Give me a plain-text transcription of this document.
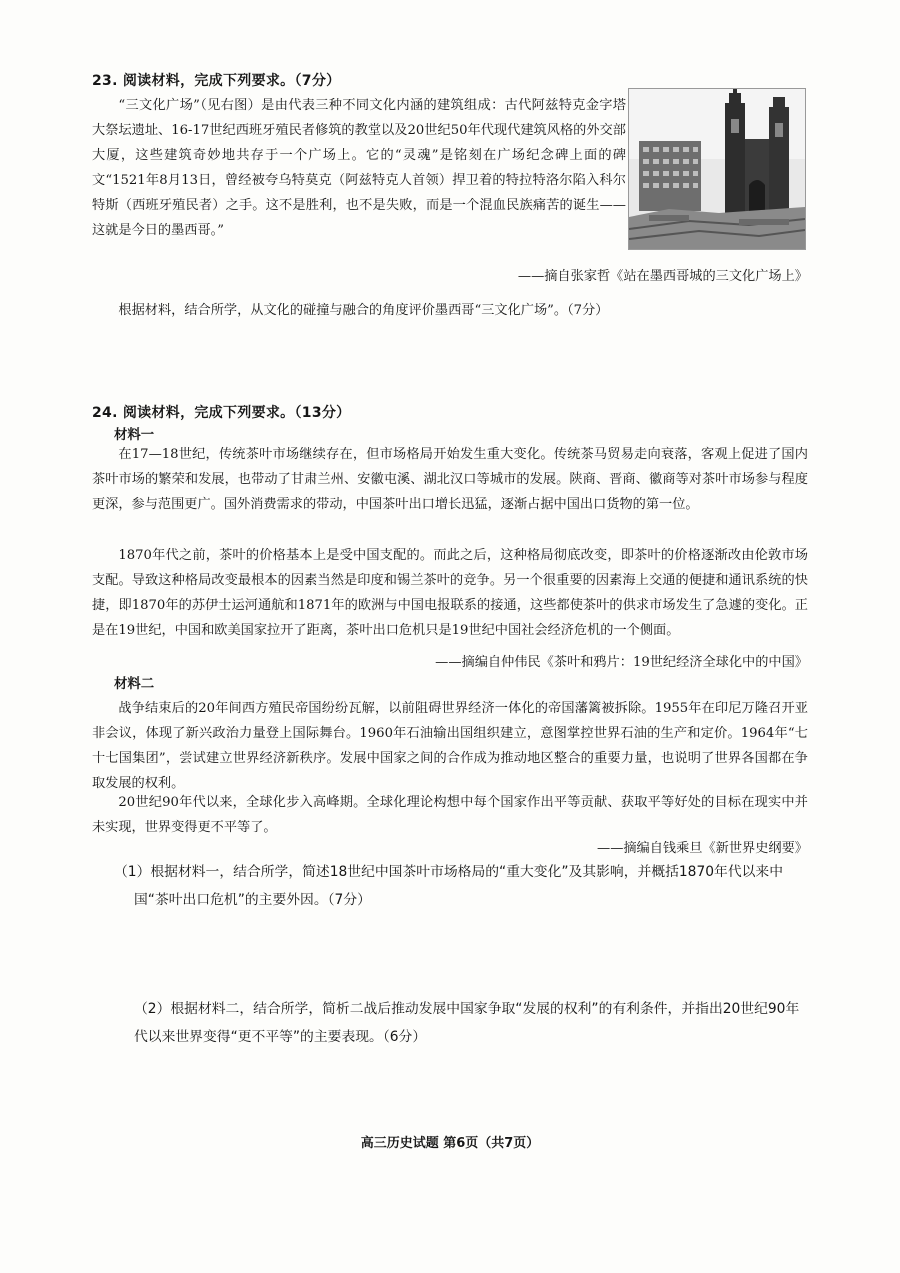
23. 阅读材料，完成下列要求。（7分）

“三文化广场”（见右图）是由代表三种不同文化内涵的建筑组成：古代阿兹特克金字塔大祭坛遗址、16-17世纪西班牙殖民者修筑的教堂以及20世纪50年代现代建筑风格的外交部大厦，这些建筑奇妙地共存于一个广场上。它的“灵魂”是铭刻在广场纪念碑上面的碑文“1521年8月13日，曾经被夸乌特莫克（阿兹特克人首领）捍卫着的特拉特洛尔陷入科尔特斯（西班牙殖民者）之手。这不是胜利，也不是失败，而是一个混血民族痛苦的诞生——这就是今日的墨西哥。”

——摘自张家哲《站在墨西哥城的三文化广场上》

根据材料，结合所学，从文化的碰撞与融合的角度评价墨西哥“三文化广场”。（7分）

24. 阅读材料，完成下列要求。（13分）
材料一

在17—18世纪，传统茶叶市场继续存在，但市场格局开始发生重大变化。传统茶马贸易走向衰落，客观上促进了国内茶叶市场的繁荣和发展，也带动了甘肃兰州、安徽屯溪、湖北汉口等城市的发展。陕商、晋商、徽商等对茶叶市场参与程度更深，参与范围更广。国外消费需求的带动，中国茶叶出口增长迅猛，逐渐占据中国出口货物的第一位。

1870年代之前，茶叶的价格基本上是受中国支配的。而此之后，这种格局彻底改变，即茶叶的价格逐渐改由伦敦市场支配。导致这种格局改变最根本的因素当然是印度和锡兰茶叶的竞争。另一个很重要的因素海上交通的便捷和通讯系统的快捷，即1870年的苏伊士运河通航和1871年的欧洲与中国电报联系的接通，这些都使茶叶的供求市场发生了急遽的变化。正是在19世纪，中国和欧美国家拉开了距离，茶叶出口危机只是19世纪中国社会经济危机的一个侧面。

——摘编自仲伟民《茶叶和鸦片：19世纪经济全球化中的中国》
材料二

战争结束后的20年间西方殖民帝国纷纷瓦解，以前阻碍世界经济一体化的帝国藩篱被拆除。1955年在印尼万隆召开亚非会议，体现了新兴政治力量登上国际舞台。1960年石油输出国组织建立，意图掌控世界石油的生产和定价。1964年“七十七国集团”，尝试建立世界经济新秩序。发展中国家之间的合作成为推动地区整合的重要力量，也说明了世界各国都在争取发展的权利。

20世纪90年代以来，全球化步入高峰期。全球化理论构想中每个国家作出平等贡献、获取平等好处的目标在现实中并未实现，世界变得更不平等了。

——摘编自钱乘旦《新世界史纲要》

（1）根据材料一，结合所学，简述18世纪中国茶叶市场格局的“重大变化”及其影响，并概括1870年代以来中国“茶叶出口危机”的主要外因。（7分）

（2）根据材料二，结合所学，简析二战后推动发展中国家争取“发展的权利”的有利条件，并指出20世纪90年代以来世界变得“更不平等”的主要表现。（6分）

高三历史试题 第6页（共7页）
